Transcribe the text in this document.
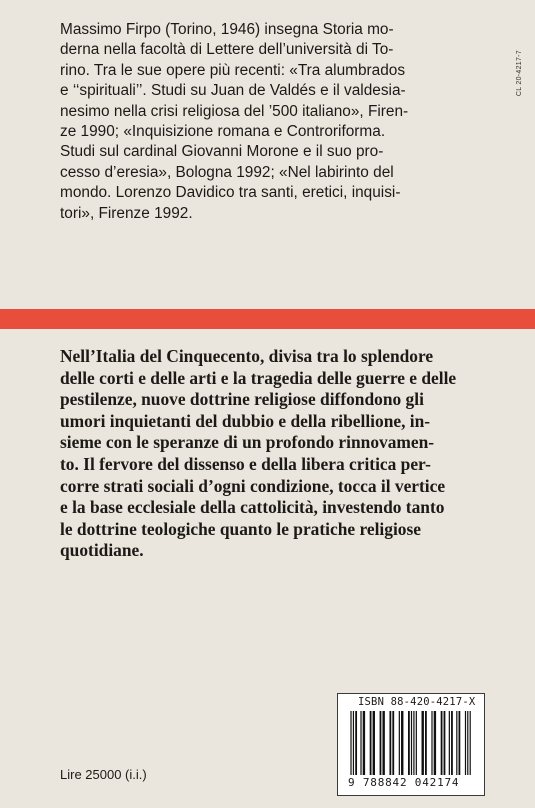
CL 20-4217-7
Massimo Firpo (Torino, 1946) insegna Storia mo-
derna nella facoltà di Lettere dell’università di To-
rino. Tra le sue opere più recenti: «Tra alumbrados
e ‘‘spirituali’’. Studi su Juan de Valdés e il valdesia-
nesimo nella crisi religiosa del ’500 italiano», Firen-
ze 1990; «Inquisizione romana e Controriforma.
Studi sul cardinal Giovanni Morone e il suo pro-
cesso d’eresia», Bologna 1992; «Nel labirinto del
mondo. Lorenzo Davidico tra santi, eretici, inquisi-
tori», Firenze 1992.
Nell’Italia del Cinquecento, divisa tra lo splendore
delle corti e delle arti e la tragedia delle guerre e delle
pestilenze, nuove dottrine religiose diffondono gli
umori inquietanti del dubbio e della ribellione, in-
sieme con le speranze di un profondo rinnovamen-
to. Il fervore del dissenso e della libera critica per-
corre strati sociali d’ogni condizione, tocca il vertice
e la base ecclesiale della cattolicità, investendo tanto
le dottrine teologiche quanto le pratiche religiose
quotidiane.
Lire 25000 (i.i.)
ISBN 88-420-4217-X
9 788842 042174
